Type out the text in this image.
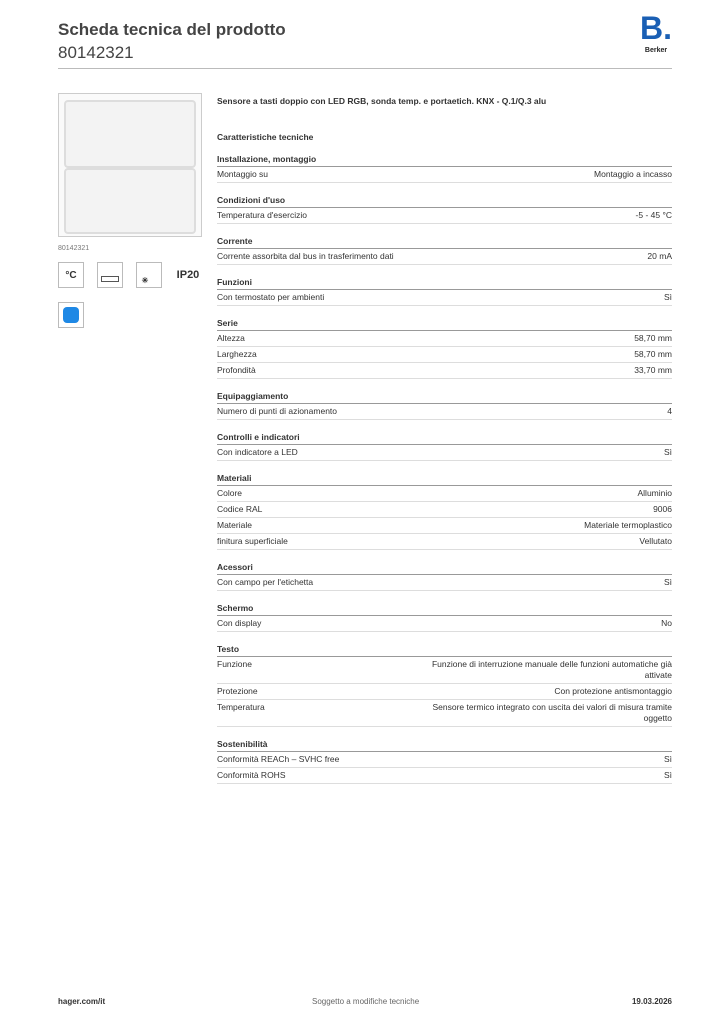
Scheda tecnica del prodotto
80142321
B.
Berker
80142321
°C	✳	IP20
Sensore a tasti doppio con LED RGB, sonda temp. e portaetich. KNX - Q.1/Q.3 alu
Caratteristiche tecniche
Installazione, montaggio
Montaggio su	Montaggio a incasso
Condizioni d'uso
Temperatura d'esercizio	-5 - 45 °C
Corrente
Corrente assorbita dal bus in trasferimento dati	20 mA
Funzioni
Con termostato per ambienti	Sì
Serie
Altezza	58,70 mm
Larghezza	58,70 mm
Profondità	33,70 mm
Equipaggiamento
Numero di punti di azionamento	4
Controlli e indicatori
Con indicatore a LED	Sì
Materiali
Colore	Alluminio
Codice RAL	9006
Materiale	Materiale termoplastico
finitura superficiale	Vellutato
Acessori
Con campo per l'etichetta	Sì
Schermo
Con display	No
Testo
Funzione	Funzione di interruzione manuale delle funzioni automatiche già attivate
Protezione	Con protezione antismontaggio
Temperatura	Sensore termico integrato con uscita dei valori di misura tramite oggetto
Sostenibilità
Conformità REACh – SVHC free	Sì
Conformità ROHS	Sì
hager.com/it	Soggetto a modifiche tecniche	19.03.2026
